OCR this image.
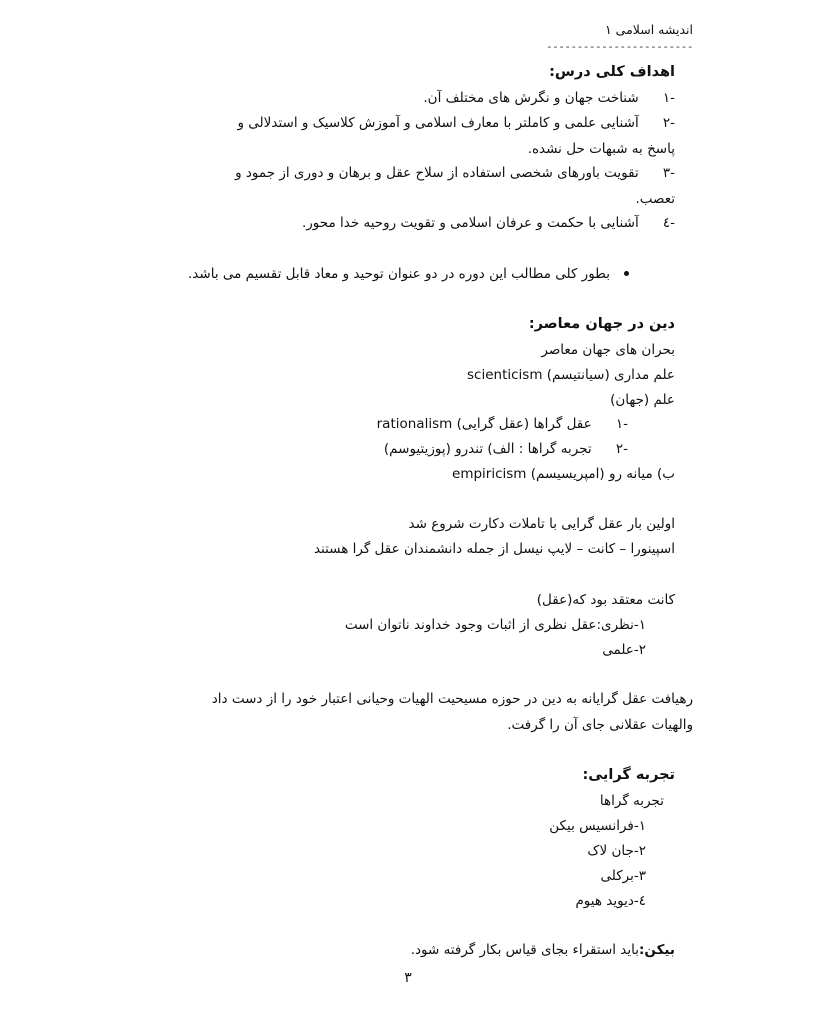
اندیشه اسلامی ۱
------------------------
اهداف کلی درس:
-۱ شناخت جهان و نگرش های مختلف آن.
-۲ آشنایی علمی و کاملتر با معارف اسلامی و آموزش کلاسیک و استدلالی و
پاسخ به شبهات حل نشده.
-۳ تقویت باورهای شخصی استفاده از سلاح عقل و برهان و دوری از جمود و
تعصب.
-٤ آشنایی با حکمت و عرفان اسلامی و تقویت روحیه خدا محور.
بطور کلی مطالب این دوره در دو عنوان توحید و معاد قابل تقسیم می باشد.
دین در جهان معاصر:
بحران های جهان معاصر
علم مداری (سیانتیسم) scienticism
علم (جهان)
-۱ عقل گراها (عقل گرایی) rationalism
-۲ تجربه گراها : الف) تندرو (پوزیتیوسم)
ب) میانه رو (امپریسیسم) empiricism
اولین بار عقل گرایی با تاملات دکارت شروع شد
اسپینورا – کانت – لایپ نیسل از جمله دانشمندان عقل گرا هستند
کانت معتقد بود که(عقل)
١-نظری:عقل نظری از اثبات وجود خداوند ناتوان است
٢-علمی
رهیافت عقل گرایانه به دین در حوزه مسیحیت الهیات وحیانی اعتبار خود را از دست داد
والهیات عقلانی جای آن را گرفت.
تجربه گرایی:
تجربه گراها
١-فرانسیس بیکن
٢-جان لاک
٣-برکلی
٤-دیوید هیوم
بیکن:باید استقراء بجای قیاس بکار گرفته شود.
٣
